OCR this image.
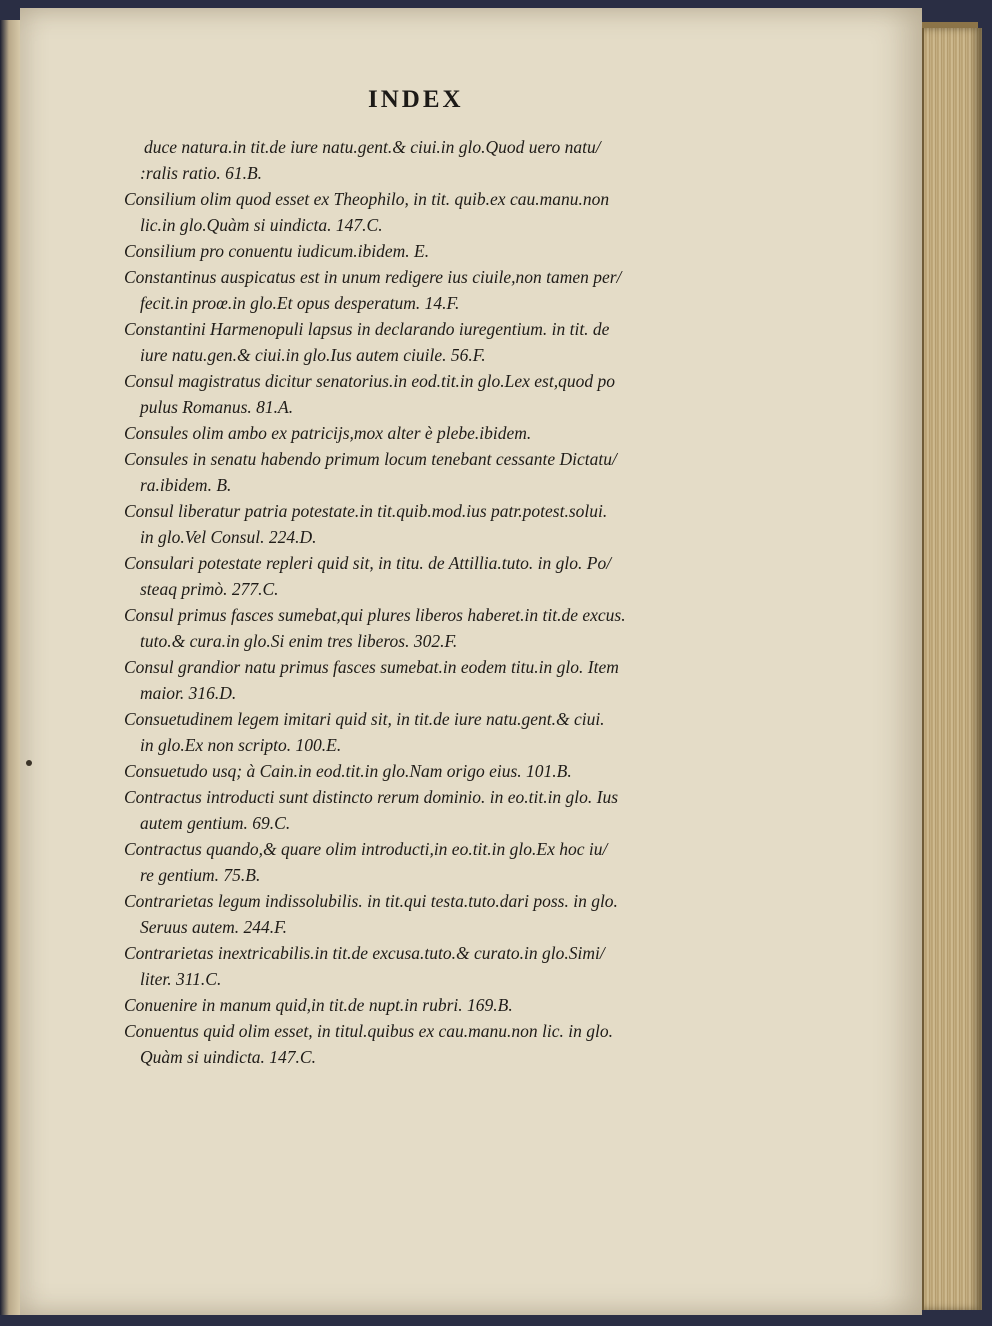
INDEX
duce natura.in tit.de iure natu.gent.& ciui.in glo.Quod uero natu/
:ralis ratio. 61.B.
Consilium olim quod esset ex Theophilo, in tit. quib.ex cau.manu.non
lic.in glo.Quàm si uindicta. 147.C.
Consilium pro conuentu iudicum.ibidem. E.
Constantinus auspicatus est in unum redigere ius ciuile,non tamen per/
fecit.in proœ.in glo.Et opus desperatum. 14.F.
Constantini Harmenopuli lapsus in declarando iuregentium. in tit. de
iure natu.gen.& ciui.in glo.Ius autem ciuile. 56.F.
Consul magistratus dicitur senatorius.in eod.tit.in glo.Lex est,quod po
pulus Romanus. 81.A.
Consules olim ambo ex patricijs,mox alter è plebe.ibidem.
Consules in senatu habendo primum locum tenebant cessante Dictatu/
ra.ibidem. B.
Consul liberatur patria potestate.in tit.quib.mod.ius patr.potest.solui.
in glo.Vel Consul. 224.D.
Consulari potestate repleri quid sit, in titu. de Attillia.tuto. in glo. Po/
steaq primò. 277.C.
Consul primus fasces sumebat,qui plures liberos haberet.in tit.de excus.
tuto.& cura.in glo.Si enim tres liberos. 302.F.
Consul grandior natu primus fasces sumebat.in eodem titu.in glo. Item
maior. 316.D.
Consuetudinem legem imitari quid sit, in tit.de iure natu.gent.& ciui.
in glo.Ex non scripto. 100.E.
Consuetudo usq; à Cain.in eod.tit.in glo.Nam origo eius. 101.B.
Contractus introducti sunt distincto rerum dominio. in eo.tit.in glo. Ius
autem gentium. 69.C.
Contractus quando,& quare olim introducti,in eo.tit.in glo.Ex hoc iu/
re gentium. 75.B.
Contrarietas legum indissolubilis. in tit.qui testa.tuto.dari poss. in glo.
Seruus autem. 244.F.
Contrarietas inextricabilis.in tit.de excusa.tuto.& curato.in glo.Simi/
liter. 311.C.
Conuenire in manum quid,in tit.de nupt.in rubri. 169.B.
Conuentus quid olim esset, in titul.quibus ex cau.manu.non lic. in glo.
Quàm si uindicta. 147.C.
